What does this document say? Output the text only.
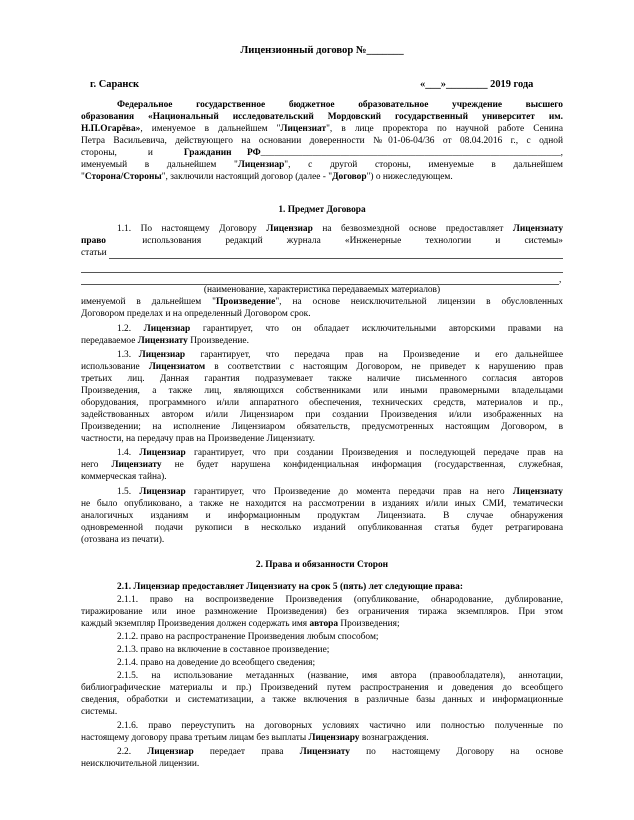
Лицензионный договор №_______
г. Саранск	«___»________ 2019 года
Федеральное государственное бюджетное образовательное учреждение высшего
образования «Национальный исследовательский Мордовский государственный университет им.
Н.П.Огарёва», именуемое в дальнейшем "Лицензиат", в лице проректора по научной работе Сенина
Петра Васильевича, действующего на основании доверенности №01-06-04/36 от 08.04.2016 г., с одной
стороны,  и  Гражданин РФ________________________________________________________________,
именуемый  в  дальнейшем  "Лицензиар",  с  другой  стороны,  именуемые  в  дальнейшем
"Сторона/Стороны", заключили настоящий договор (далее - "Договор") о нижеследующем.
1. Предмет Договора
1.1. По настоящему Договору Лицензиар на безвозмездной основе предоставляет Лицензиату
право   использования  редакций  журнала  «Инженерные  технологии  и  системы»
статьи
,
(наименование, характеристика передаваемых материалов)
именуемой в дальнейшем "Произведение", на основе неисключительной лицензии в обусловленных
Договором пределах и на определенный Договором срок.
1.2.  Лицензиар  гарантирует,  что  он  обладает  исключительными  авторскими  правами  на
передаваемое Лицензиату Произведение.
1.3. Лицензиар  гарантирует,  что  передача  прав  на  Произведение  и  его дальнейшее
использование Лицензиатом в соответствии с настоящим Договором, не приведет к нарушению прав
третьих лиц. Данная гарантия подразумевает также наличие письменного согласия авторов
Произведения, а также лиц, являющихся собственниками или иными правомерными владельцами
оборудования, программного и/или аппаратного обеспечения, технических средств, материалов и пр.,
задействованных автором и/или Лицензиаром при создании Произведения и/или изображенных на
Произведении; на исполнение Лицензиаром обязательств, предусмотренных настоящим Договором, в
частности, на передачу прав на Произведение Лицензиату.
1.4. Лицензиар гарантирует, что при создании Произведения и последующей передаче прав на
него Лицензиату не будет нарушена конфиденциальная информация (государственная, служебная,
коммерческая тайна).
1.5. Лицензиар гарантирует, что Произведение до момента передачи прав на него Лицензиату
не было опубликовано, а также не находится на рассмотрении в изданиях и/или иных СМИ, тематически
аналогичных изданиям и информационным продуктам Лицензиата. В случае обнаружения
одновременной подачи рукописи в несколько изданий опубликованная статья будет ретрагирована
(отозвана из печати).
2. Права и обязанности Сторон
2.1. Лицензиар предоставляет Лицензиату на срок 5 (пять) лет следующие права:
2.1.1. право на воспроизведение Произведения (опубликование, обнародование, дублирование,
тиражирование или иное размножение Произведения) без ограничения тиража экземпляров. При этом
каждый экземпляр Произведения должен содержать имя автора Произведения;
2.1.2. право на распространение Произведения любым способом;
2.1.3. право на включение в составное произведение;
2.1.4. право на доведение до всеобщего сведения;
2.1.5. на использование метаданных (название, имя автора (правообладателя), аннотации,
библиографические материалы и пр.) Произведений путем распространения и доведения до всеобщего
сведения, обработки и систематизации, а также включения в различные базы данных и информационные
системы.
2.1.6. право переуступить на договорных условиях частично или полностью полученные по
настоящему договору права третьим лицам без выплаты Лицензиару вознаграждения.
2.2.   Лицензиар   передает   права   Лицензиату   по   настоящему   Договору   на   основе
неисключительной лицензии.
